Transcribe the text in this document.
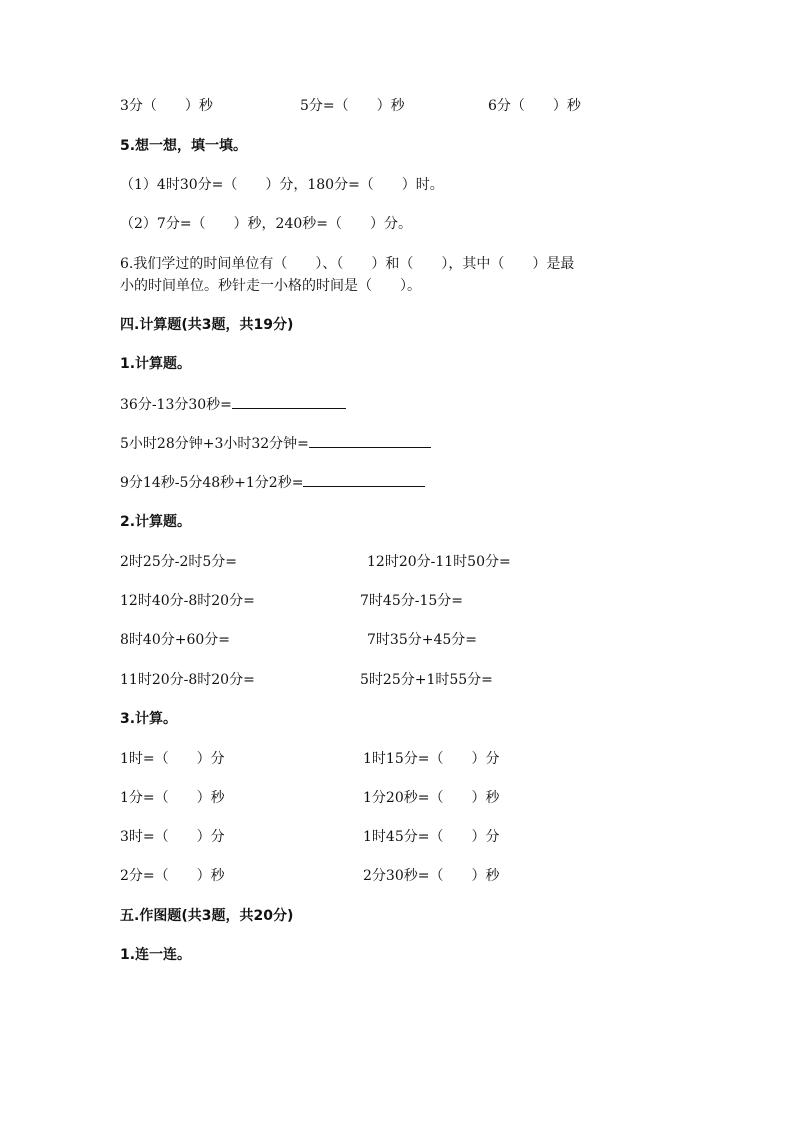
3分（　　）秒	5分=（　　）秒	6分（　　）秒
5.想一想，填一填。
（1）4时30分=（　　）分，180分=（　　）时。
（2）7分=（　　）秒，240秒=（　　）分。
6.我们学过的时间单位有（　　）、（　　）和（　　），其中（　　）是最
小的时间单位。秒针走一小格的时间是（　　）。
四.计算题(共3题，共19分)
1.计算题。
36分-13分30秒=
5小时28分钟+3小时32分钟=
9分14秒-5分48秒+1分2秒=
2.计算题。
2时25分-2时5分=	12时20分-11时50分=
12时40分-8时20分=	7时45分-15分=
8时40分+60分=	7时35分+45分=
11时20分-8时20分=	5时25分+1时55分=
3.计算。
1时=（　　）分	1时15分=（　　）分
1分=（　　）秒	1分20秒=（　　）秒
3时=（　　）分	1时45分=（　　）分
2分=（　　）秒	2分30秒=（　　）秒
五.作图题(共3题，共20分)
1.连一连。
